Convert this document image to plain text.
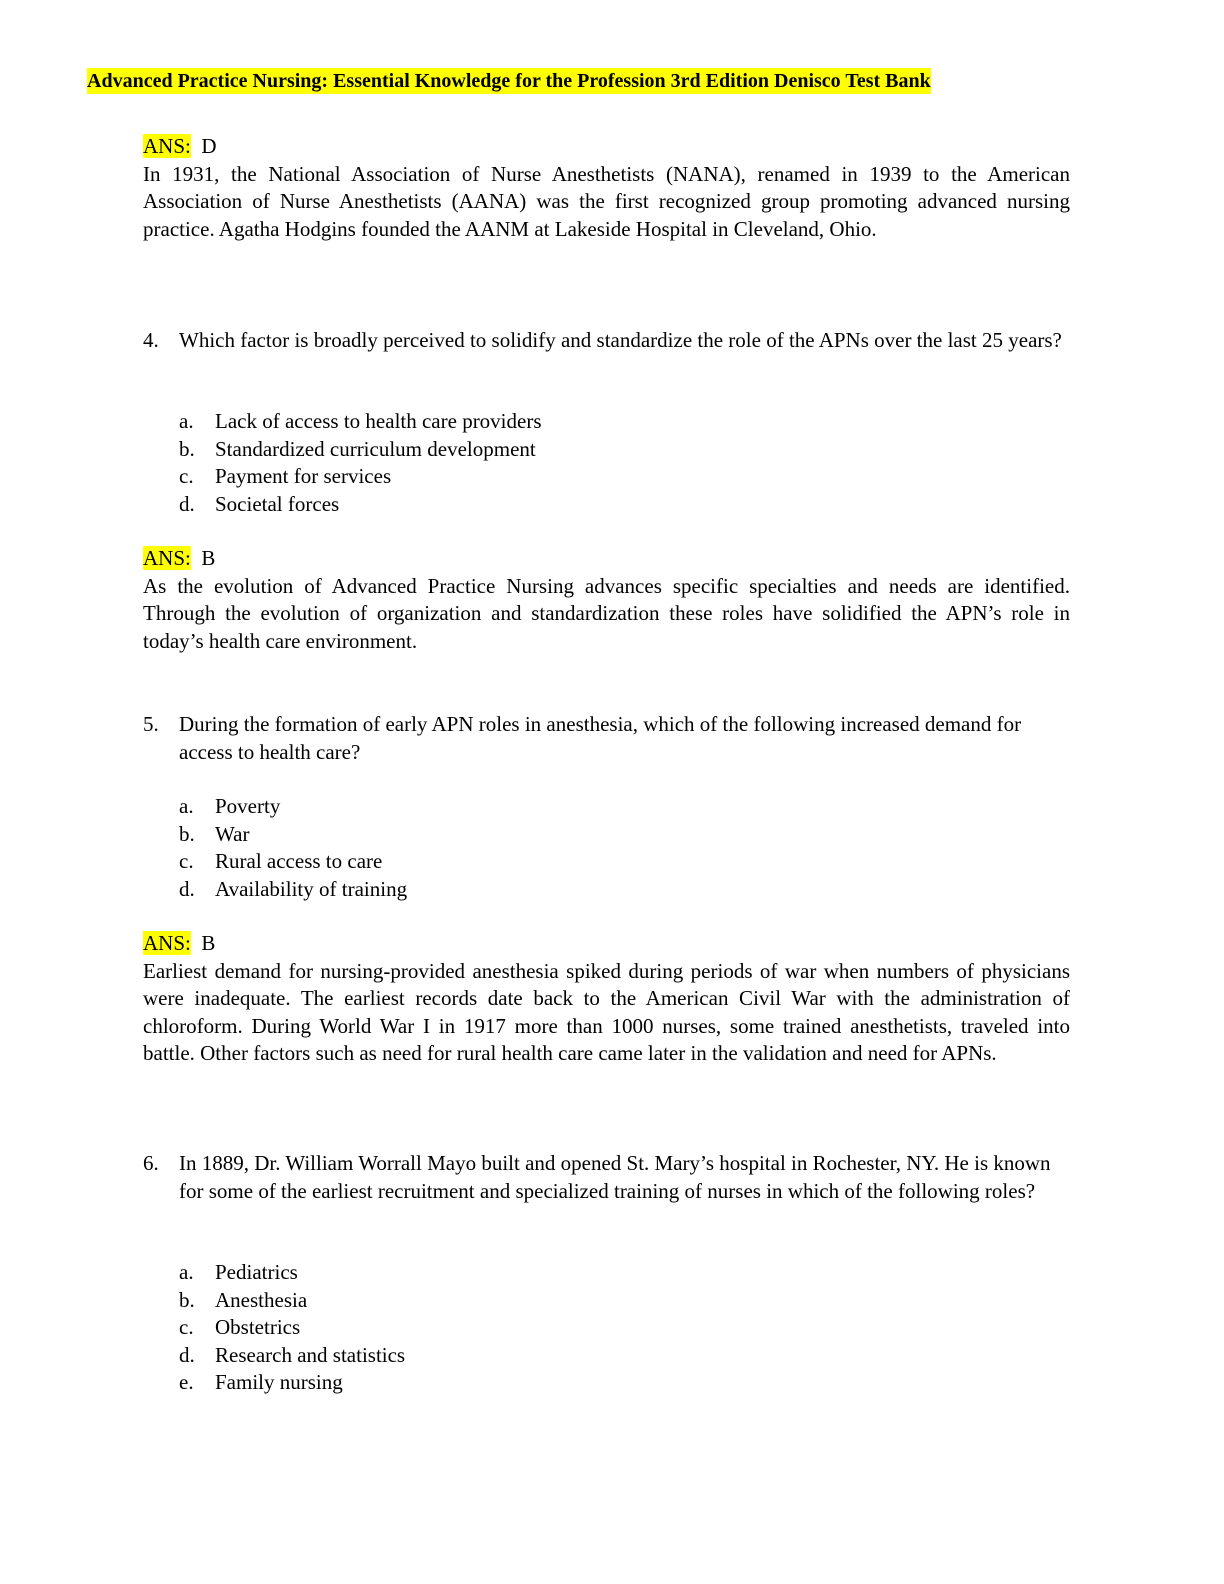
Advanced Practice Nursing: Essential Knowledge for the Profession 3rd Edition Denisco Test Bank
ANS: D
In 1931, the National Association of Nurse Anesthetists (NANA), renamed in 1939 to the American Association of Nurse Anesthetists (AANA) was the first recognized group promoting advanced nursing practice. Agatha Hodgins founded the AANM at Lakeside Hospital in Cleveland, Ohio.
4. Which factor is broadly perceived to solidify and standardize the role of the APNs over the last 25 years?
a.	Lack of access to health care providers
b. Standardized curriculum development
c.	Payment for services
d. Societal forces
ANS: B
As the evolution of Advanced Practice Nursing advances specific specialties and needs are identified. Through the evolution of organization and standardization these roles have solidified the APN’s role in today’s health care environment.
5. During the formation of early APN roles in anesthesia, which of the following increased demand for access to health care?
a.	Poverty
b. War
c.	Rural access to care
d. Availability of training
ANS: B
Earliest demand for nursing-provided anesthesia spiked during periods of war when numbers of physicians were inadequate. The earliest records date back to the American Civil War with the administration of chloroform. During World War I in 1917 more than 1000 nurses, some trained anesthetists, traveled into battle. Other factors such as need for rural health care came later in the validation and need for APNs.
6. In 1889, Dr. William Worrall Mayo built and opened St. Mary’s hospital in Rochester, NY. He is known for some of the earliest recruitment and specialized training of nurses in which of the following roles?
a.	Pediatrics
b. Anesthesia
c.	Obstetrics
d. Research and statistics
e.	Family nursing
